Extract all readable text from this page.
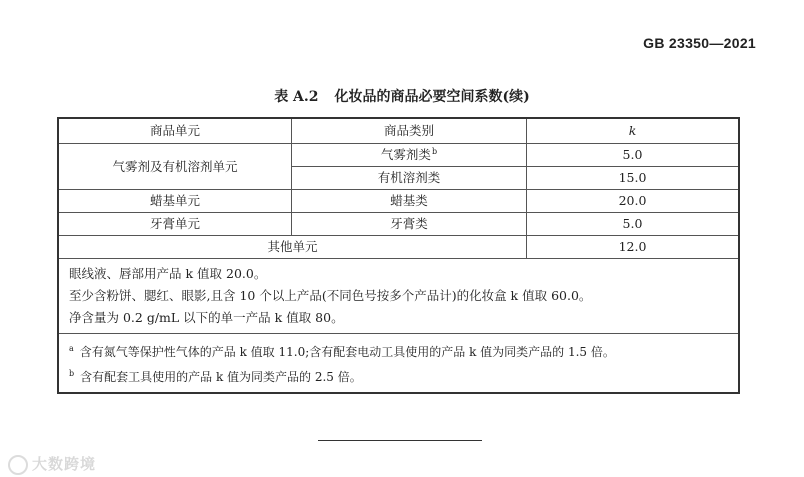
GB 23350—2021
表 A.2 化妆品的商品必要空间系数(续)
商品单元	商品类别	k
气雾剂及有机溶剂单元	气雾剂类$^b$	5.0
	有机溶剂类	15.0
蜡基单元	蜡基类	20.0
牙膏单元	牙膏类	5.0
其他单元		12.0

眼线液、唇部用产品 k 值取 20.0。
至少含粉饼、腮红、眼影,且含 10 个以上产品(不同色号按多个产品计)的化妆盒 k 值取 60.0。
净含量为 0.2 g/mL 以下的单一产品 k 值取 80。		

$^a$ 含有氮气等保护性气体的产品 k 值取 11.0;含有配套电动工具使用的产品 k 值为同类产品的 1.5 倍。
$^b$ 含有配套工具使用的产品 k 值为同类产品的 2.5 倍。		
大数跨境
